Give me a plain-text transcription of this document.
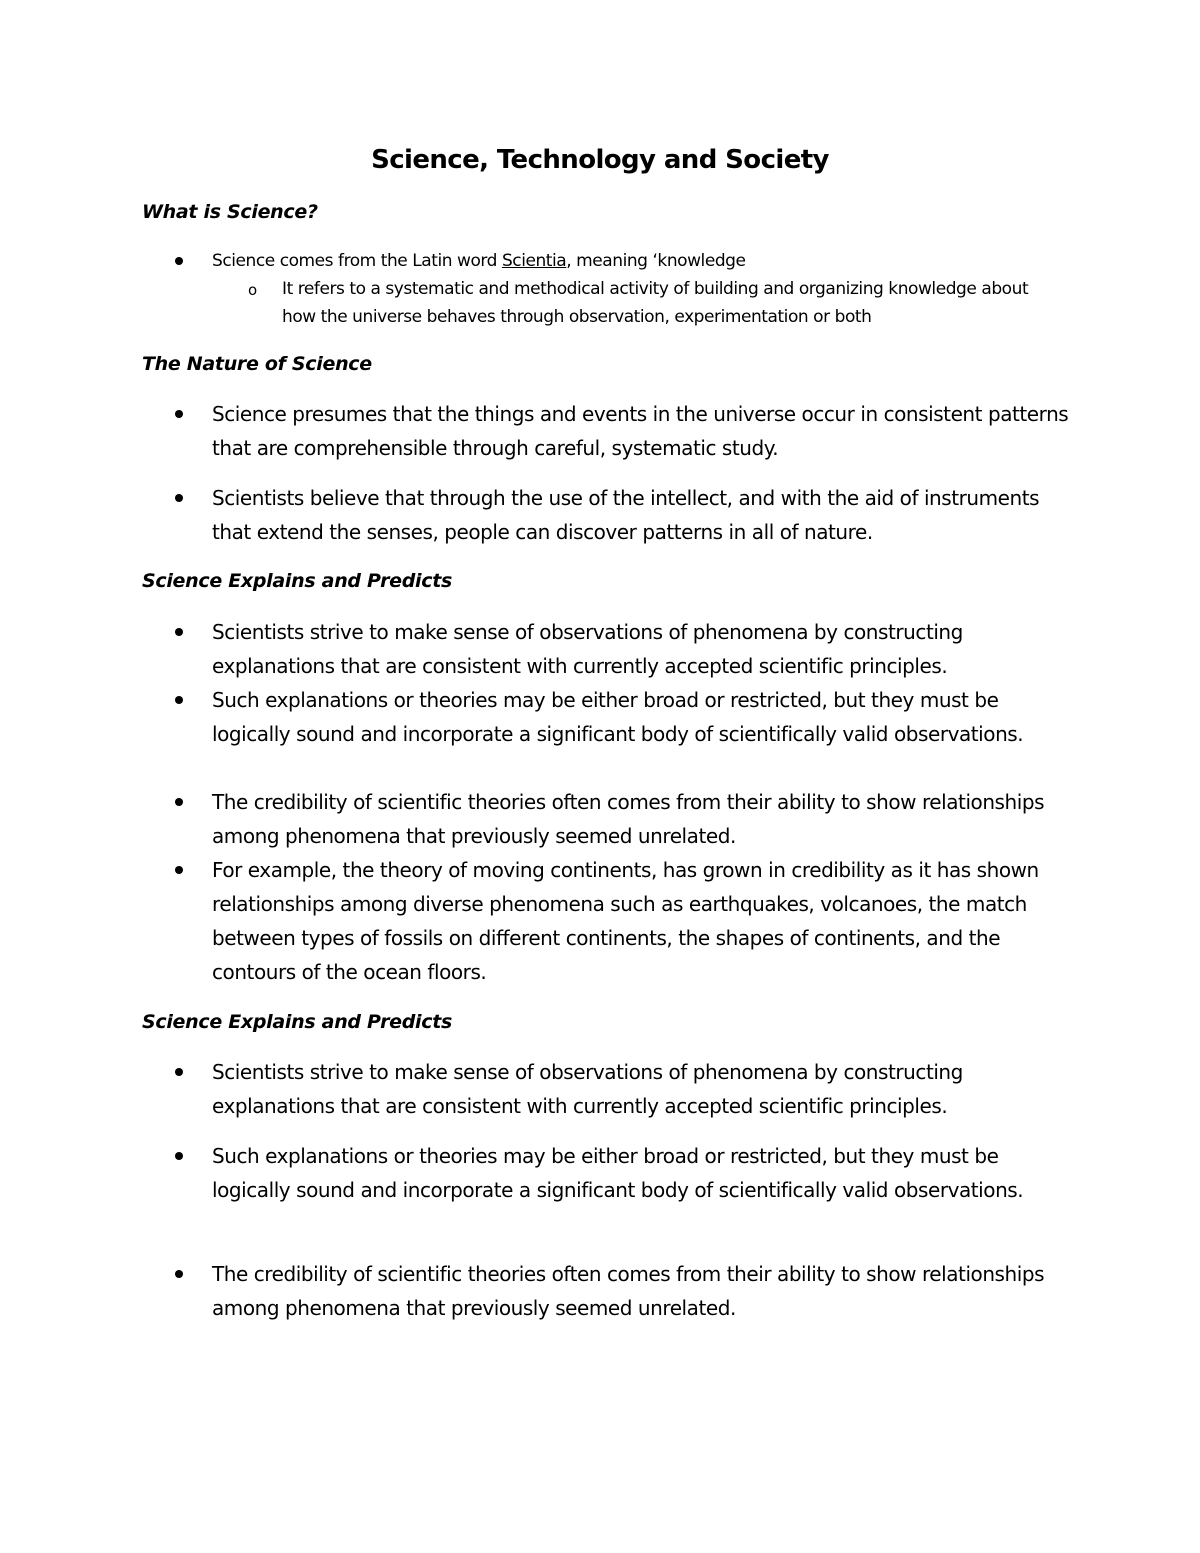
Science, Technology and Society
What is Science?

Science comes from the Latin word Scientia, meaning ‘knowledge

o It refers to a systematic and methodical activity of building and organizing knowledge about how the universe behaves through observation, experimentation or both

The Nature of Science

Science presumes that the things and events in the universe occur in consistent patterns that are comprehensible through careful, systematic study.

Scientists believe that through the use of the intellect, and with the aid of instruments that extend the senses, people can discover patterns in all of nature.

Science Explains and Predicts

Scientists strive to make sense of observations of phenomena by constructing explanations that are consistent with currently accepted scientific principles.

Such explanations or theories may be either broad or restricted, but they must be logically sound and incorporate a significant body of scientifically valid observations.

The credibility of scientific theories often comes from their ability to show relationships among phenomena that previously seemed unrelated.

For example, the theory of moving continents, has grown in credibility as it has shown relationships among diverse phenomena such as earthquakes, volcanoes, the match between types of fossils on different continents, the shapes of continents, and the contours of the ocean floors.

Science Explains and Predicts

Scientists strive to make sense of observations of phenomena by constructing explanations that are consistent with currently accepted scientific principles.

Such explanations or theories may be either broad or restricted, but they must be logically sound and incorporate a significant body of scientifically valid observations.

The credibility of scientific theories often comes from their ability to show relationships among phenomena that previously seemed unrelated.
